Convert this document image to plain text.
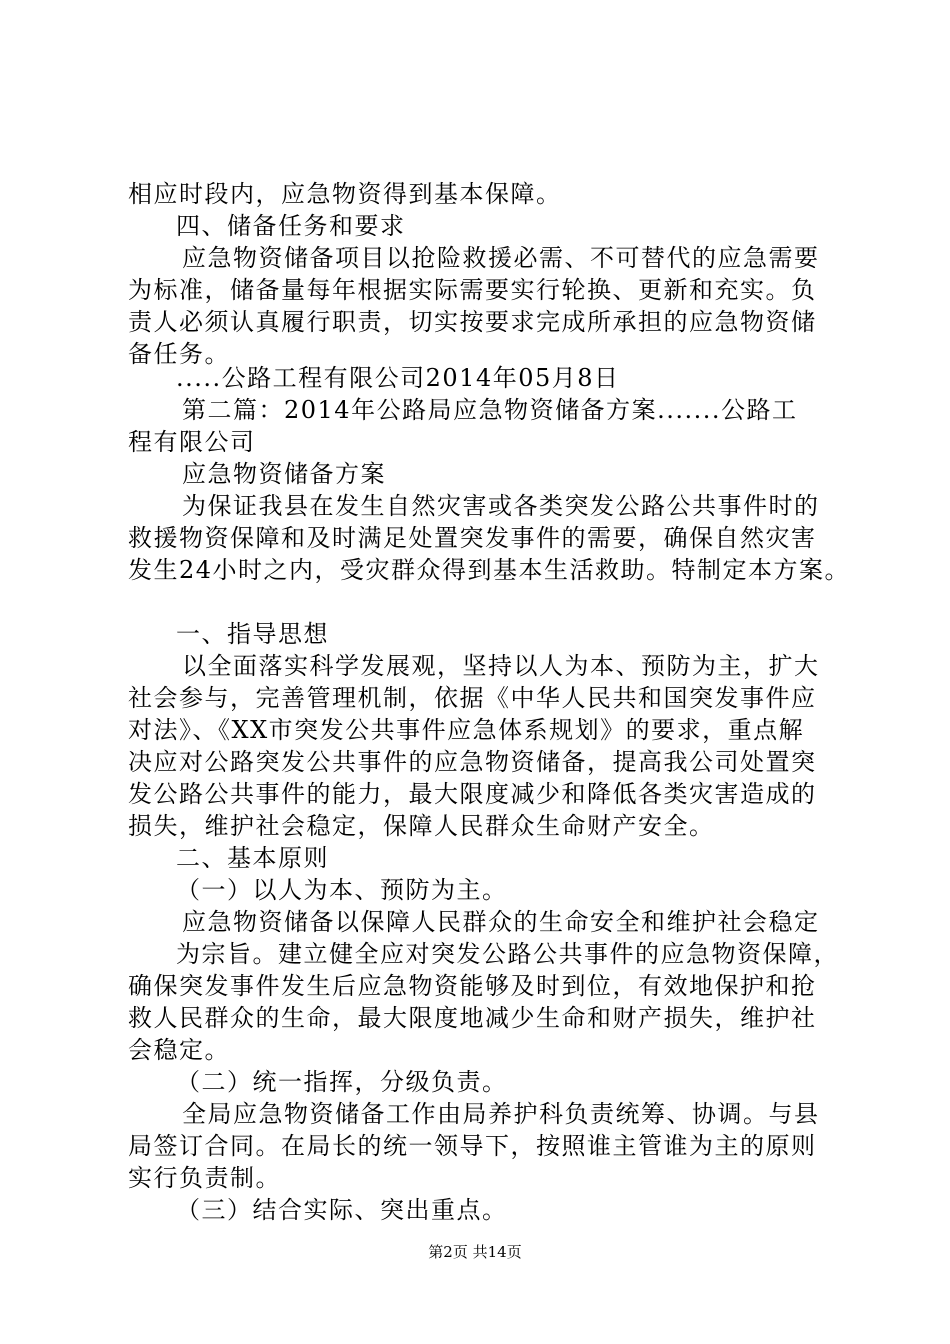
相应时段内，应急物资得到基本保障。
四、储备任务和要求
应急物资储备项目以抢险救援必需、不可替代的应急需要
为标准，储备量每年根据实际需要实行轮换、更新和充实。负
责人必须认真履行职责，切实按要求完成所承担的应急物资储
备任务。
.....公路工程有限公司2014年05月8日
第二篇：2014年公路局应急物资储备方案.......公路工
程有限公司
应急物资储备方案
为保证我县在发生自然灾害或各类突发公路公共事件时的
救援物资保障和及时满足处置突发事件的需要，确保自然灾害
发生24小时之内，受灾群众得到基本生活救助。特制定本方案。
一、指导思想
以全面落实科学发展观，坚持以人为本、预防为主，扩大
社会参与，完善管理机制，依据《中华人民共和国突发事件应
对法》、《XX市突发公共事件应急体系规划》的要求，重点解
决应对公路突发公共事件的应急物资储备，提高我公司处置突
发公路公共事件的能力，最大限度减少和降低各类灾害造成的
损失，维护社会稳定，保障人民群众生命财产安全。
二、基本原则
（一）以人为本、预防为主。
应急物资储备以保障人民群众的生命安全和维护社会稳定
为宗旨。建立健全应对突发公路公共事件的应急物资保障，
确保突发事件发生后应急物资能够及时到位，有效地保护和抢
救人民群众的生命，最大限度地减少生命和财产损失，维护社
会稳定。
（二）统一指挥，分级负责。
全局应急物资储备工作由局养护科负责统筹、协调。与县
局签订合同。在局长的统一领导下，按照谁主管谁为主的原则
实行负责制。
（三）结合实际、突出重点。
第2页 共14页
